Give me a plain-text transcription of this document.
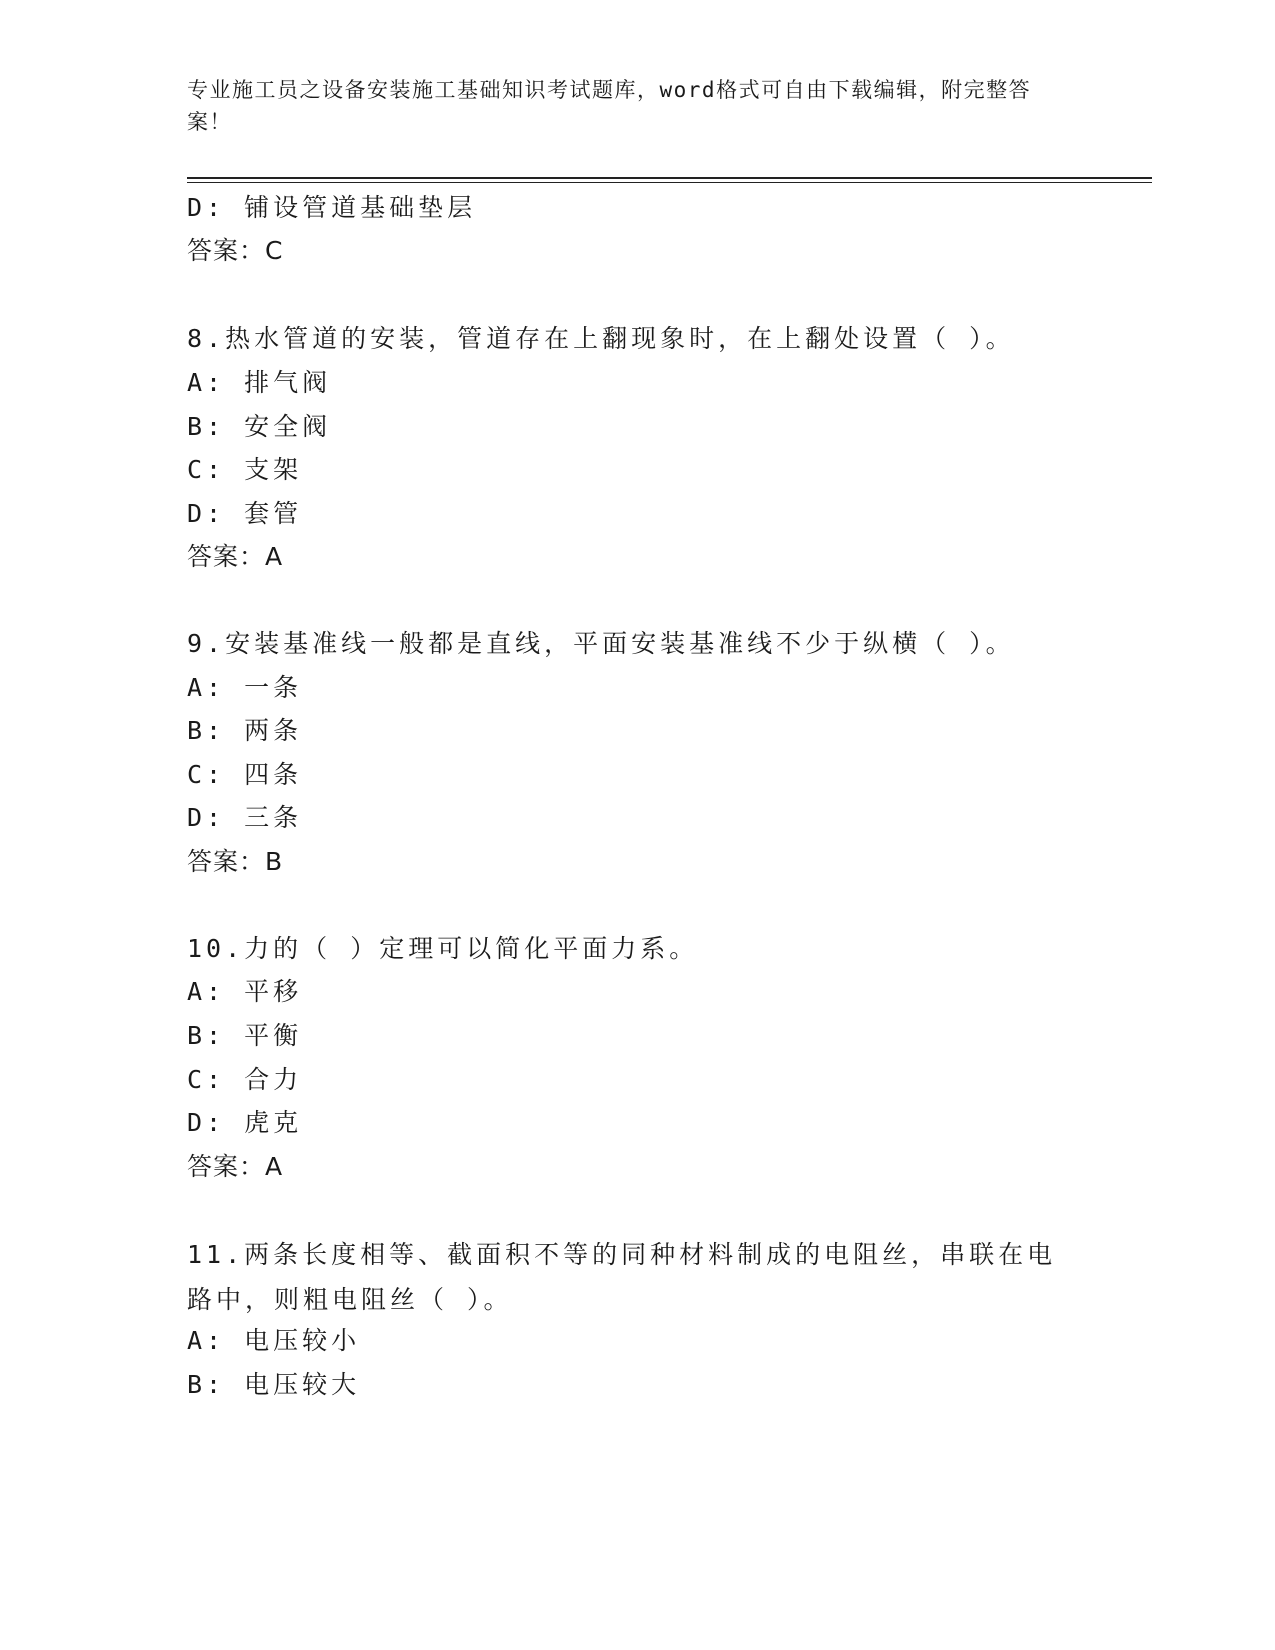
专业施工员之设备安装施工基础知识考试题库，word格式可自由下载编辑，附完整答案！
D: 铺设管道基础垫层
答案：C
8.热水管道的安装，管道存在上翻现象时，在上翻处设置（ ）。
A: 排气阀
B: 安全阀
C: 支架
D: 套管
答案：A
9.安装基准线一般都是直线，平面安装基准线不少于纵横（ ）。
A: 一条
B: 两条
C: 四条
D: 三条
答案：B
10.力的（ ）定理可以简化平面力系。
A: 平移
B: 平衡
C: 合力
D: 虎克
答案：A
11.两条长度相等、截面积不等的同种材料制成的电阻丝，串联在电路中，则粗电阻丝（ ）。
A: 电压较小
B: 电压较大
